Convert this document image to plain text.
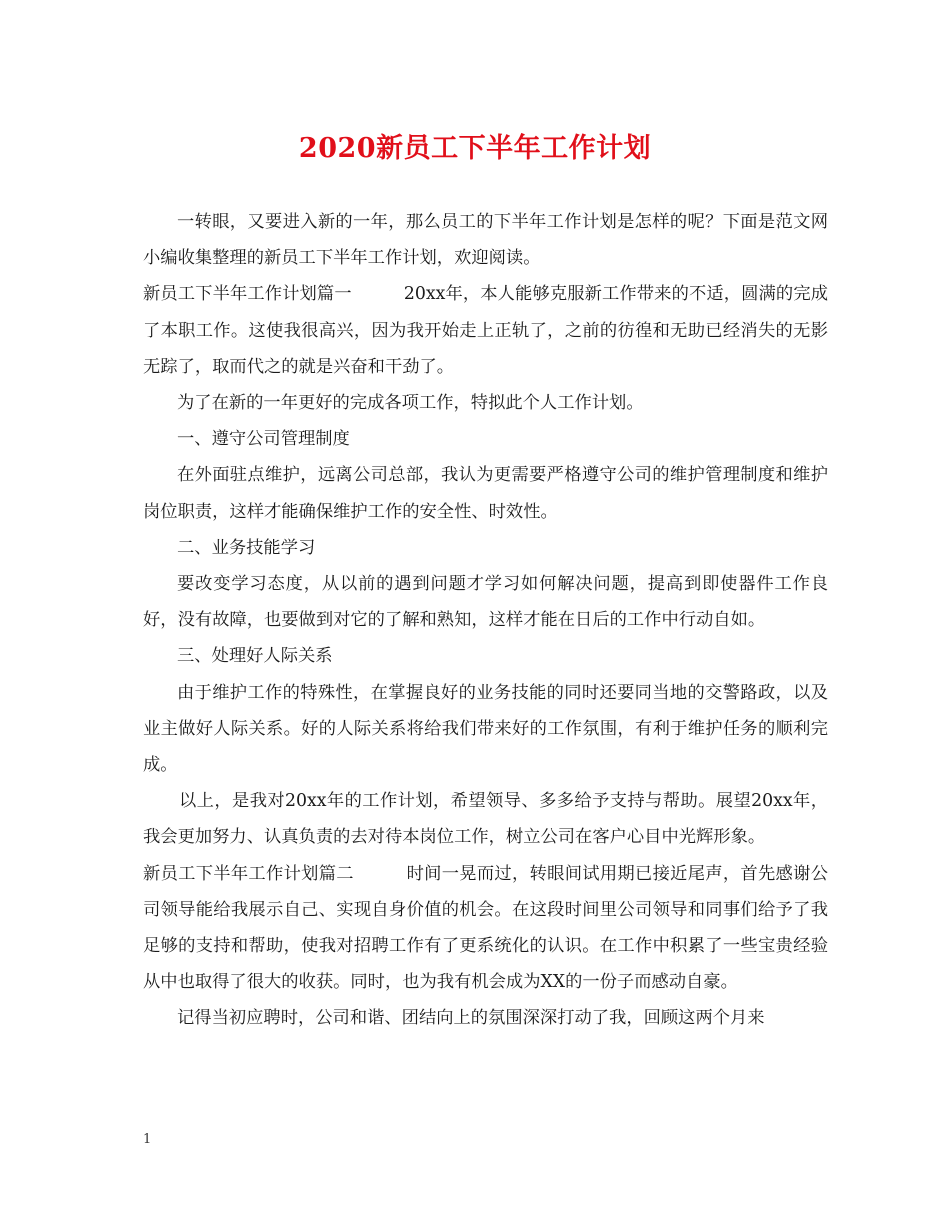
2020新员工下半年工作计划

一转眼，又要进入新的一年，那么员工的下半年工作计划是怎样的呢？下面是范文网小编收集整理的新员工下半年工作计划，欢迎阅读。

新员工下半年工作计划篇一　　　20xx年，本人能够克服新工作带来的不适，圆满的完成了本职工作。这使我很高兴，因为我开始走上正轨了，之前的彷徨和无助已经消失的无影无踪了，取而代之的就是兴奋和干劲了。

为了在新的一年更好的完成各项工作，特拟此个人工作计划。

一、遵守公司管理制度

在外面驻点维护，远离公司总部，我认为更需要严格遵守公司的维护管理制度和维护岗位职责，这样才能确保维护工作的安全性、时效性。

二、业务技能学习

要改变学习态度，从以前的遇到问题才学习如何解决问题，提高到即使器件工作良好，没有故障，也要做到对它的了解和熟知，这样才能在日后的工作中行动自如。

三、处理好人际关系

由于维护工作的特殊性，在掌握良好的业务技能的同时还要同当地的交警路政，以及业主做好人际关系。好的人际关系将给我们带来好的工作氛围，有利于维护任务的顺利完成。

以上，是我对20xx年的工作计划，希望领导、多多给予支持与帮助。展望20xx年，我会更加努力、认真负责的去对待本岗位工作，树立公司在客户心目中光辉形象。

新员工下半年工作计划篇二　　　时间一晃而过，转眼间试用期已接近尾声，首先感谢公司领导能给我展示自己、实现自身价值的机会。在这段时间里公司领导和同事们给予了我足够的支持和帮助，使我对招聘工作有了更系统化的认识。在工作中积累了一些宝贵经验从中也取得了很大的收获。同时，也为我有机会成为XX的一份子而感动自豪。

记得当初应聘时，公司和谐、团结向上的氛围深深打动了我，回顾这两个月来

1
